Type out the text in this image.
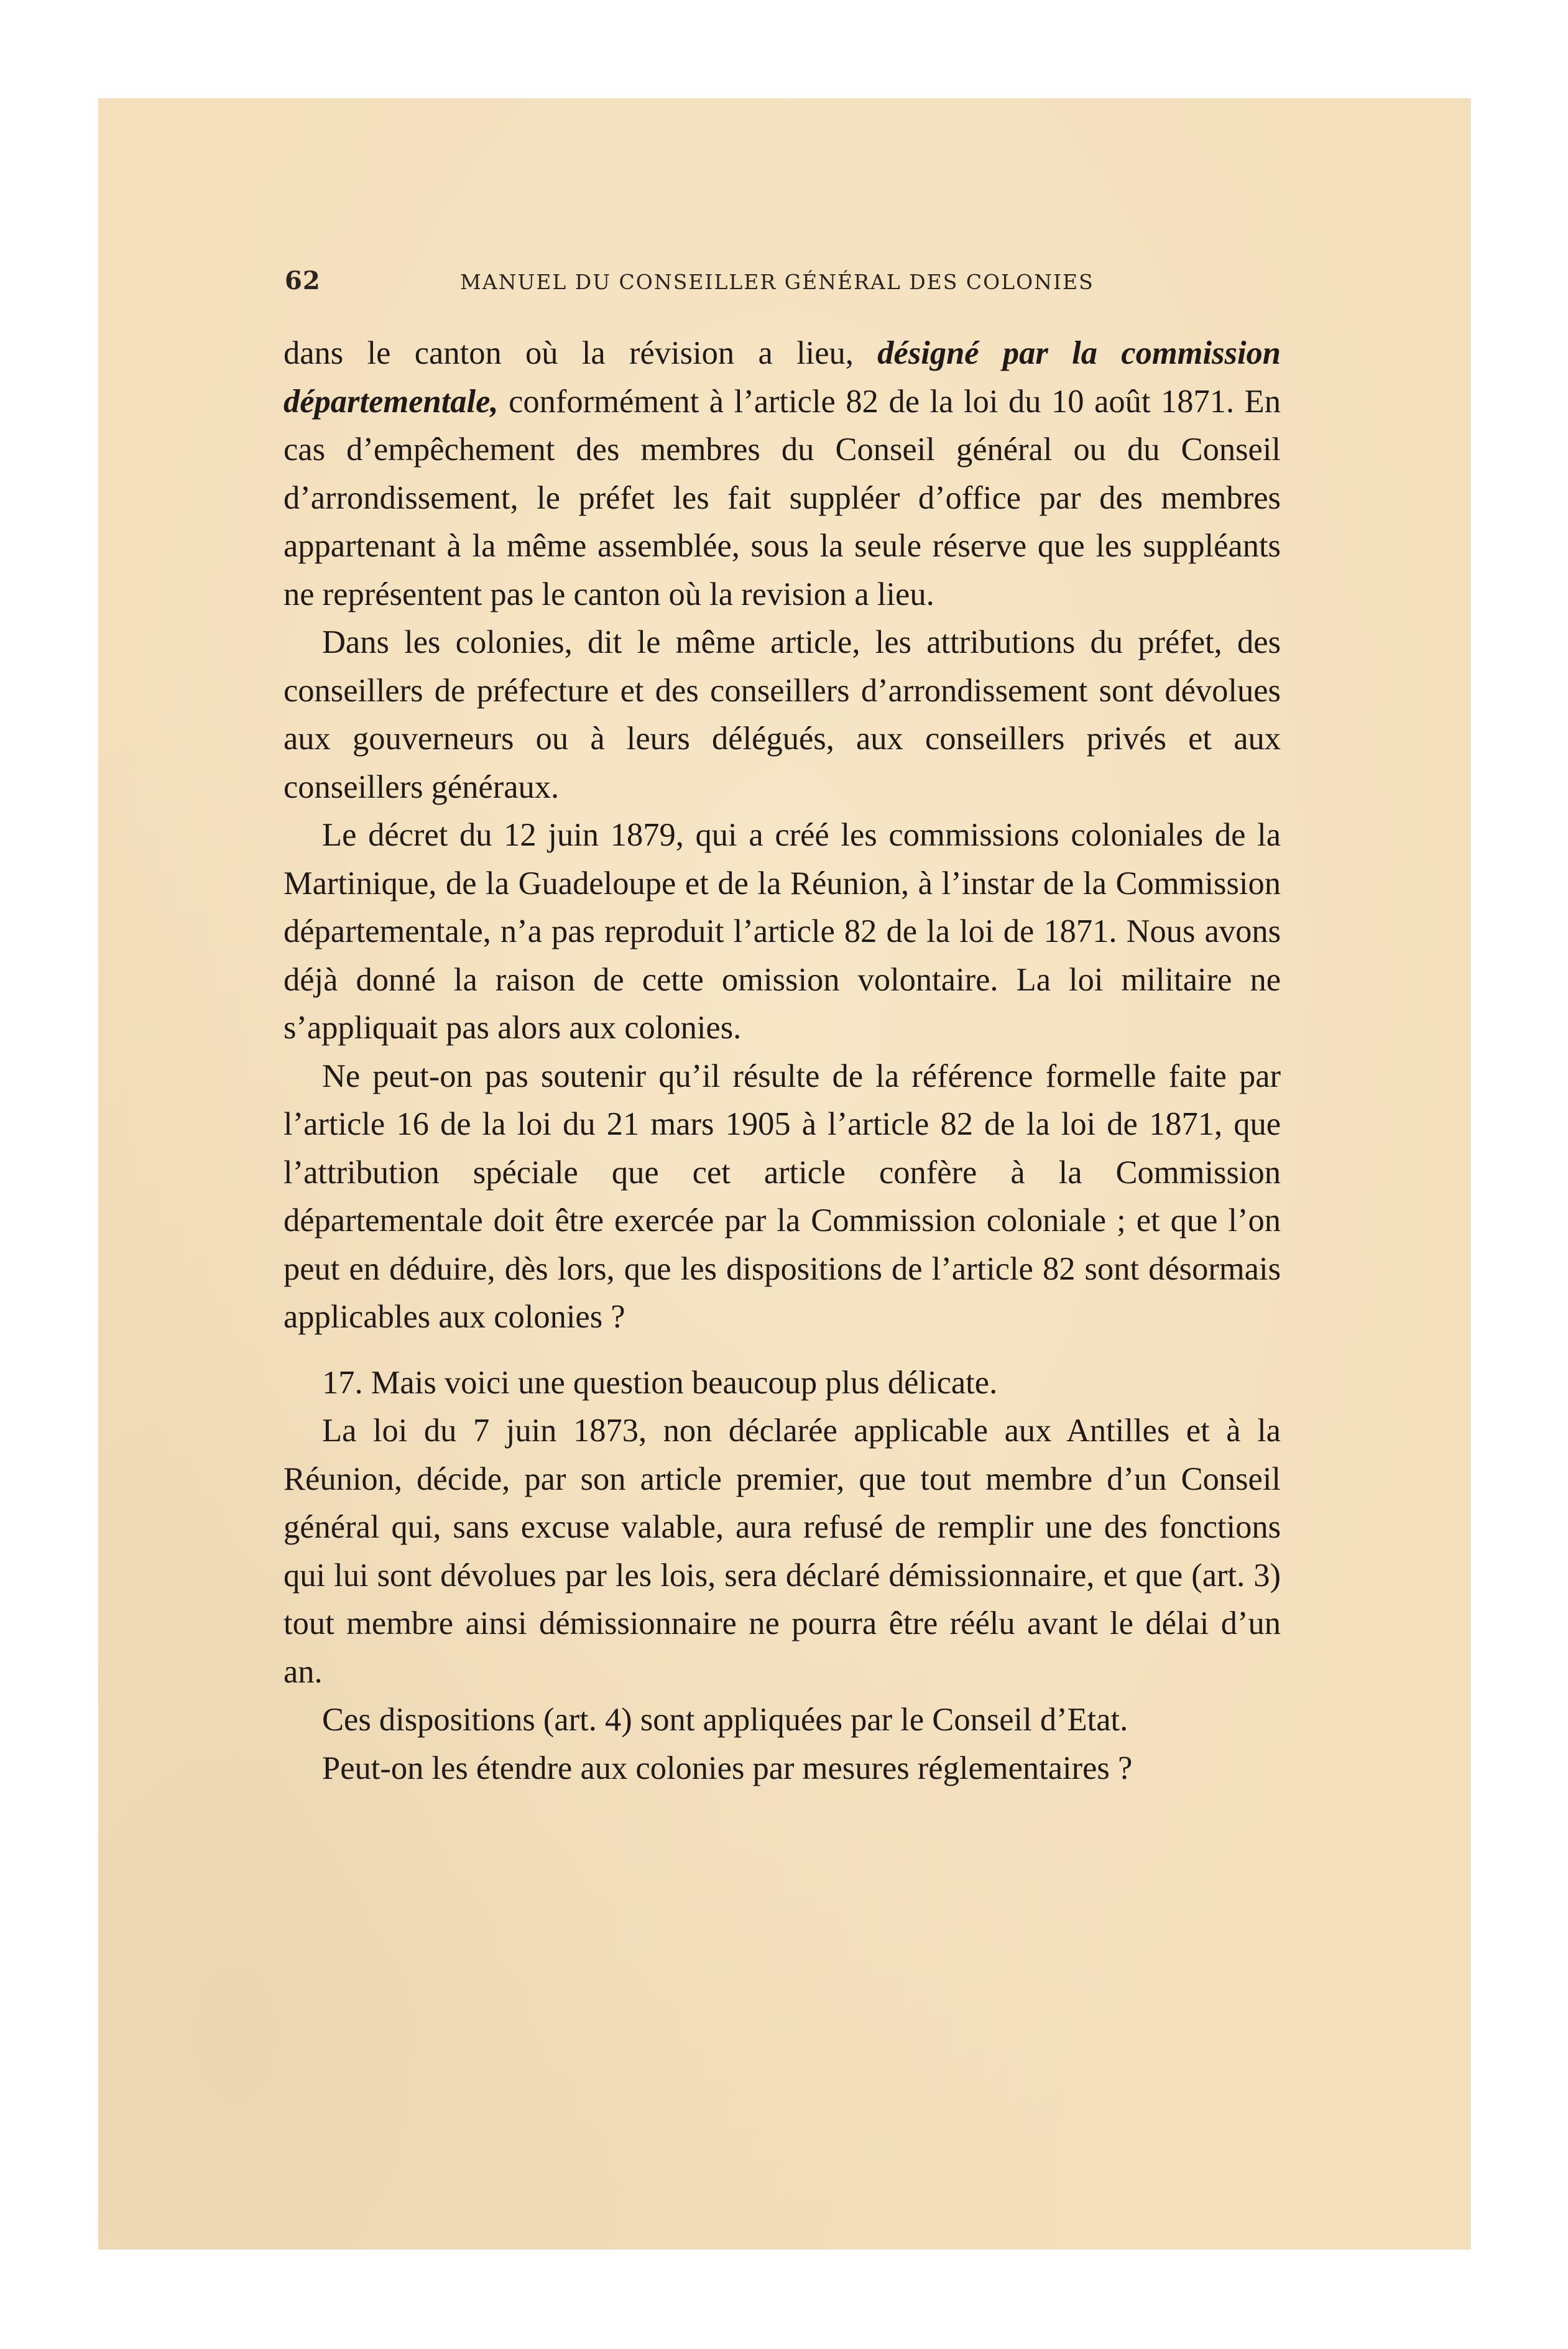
62	MANUEL DU CONSEILLER GÉNÉRAL DES COLONIES

dans le canton où la révision a lieu, désigné par la commission départementale, conformément à l’article 82 de la loi du 10 août 1871. En cas d’empêchement des membres du Conseil général ou du Conseil d’arrondissement, le préfet les fait suppléer d’office par des membres appartenant à la même assemblée, sous la seule réserve que les suppléants ne représentent pas le canton où la revision a lieu.

Dans les colonies, dit le même article, les attributions du préfet, des conseillers de préfecture et des conseillers d’arrondissement sont dévolues aux gouverneurs ou à leurs délégués, aux conseillers privés et aux conseillers généraux.

Le décret du 12 juin 1879, qui a créé les commissions coloniales de la Martinique, de la Guadeloupe et de la Réunion, à l’instar de la Commission départementale, n’a pas reproduit l’article 82 de la loi de 1871. Nous avons déjà donné la raison de cette omission volontaire. La loi militaire ne s’appliquait pas alors aux colonies.

Ne peut-on pas soutenir qu’il résulte de la référence formelle faite par l’article 16 de la loi du 21 mars 1905 à l’article 82 de la loi de 1871, que l’attribution spéciale que cet article confère à la Commission départementale doit être exercée par la Commission coloniale ; et que l’on peut en déduire, dès lors, que les dispositions de l’article 82 sont désormais applicables aux colonies ?

17. Mais voici une question beaucoup plus délicate.

La loi du 7 juin 1873, non déclarée applicable aux Antilles et à la Réunion, décide, par son article premier, que tout membre d’un Conseil général qui, sans excuse valable, aura refusé de remplir une des fonctions qui lui sont dévolues par les lois, sera déclaré démissionnaire, et que (art. 3) tout membre ainsi démissionnaire ne pourra être réélu avant le délai d’un an.

Ces dispositions (art. 4) sont appliquées par le Conseil d’Etat.

Peut-on les étendre aux colonies par mesures réglementaires ?
